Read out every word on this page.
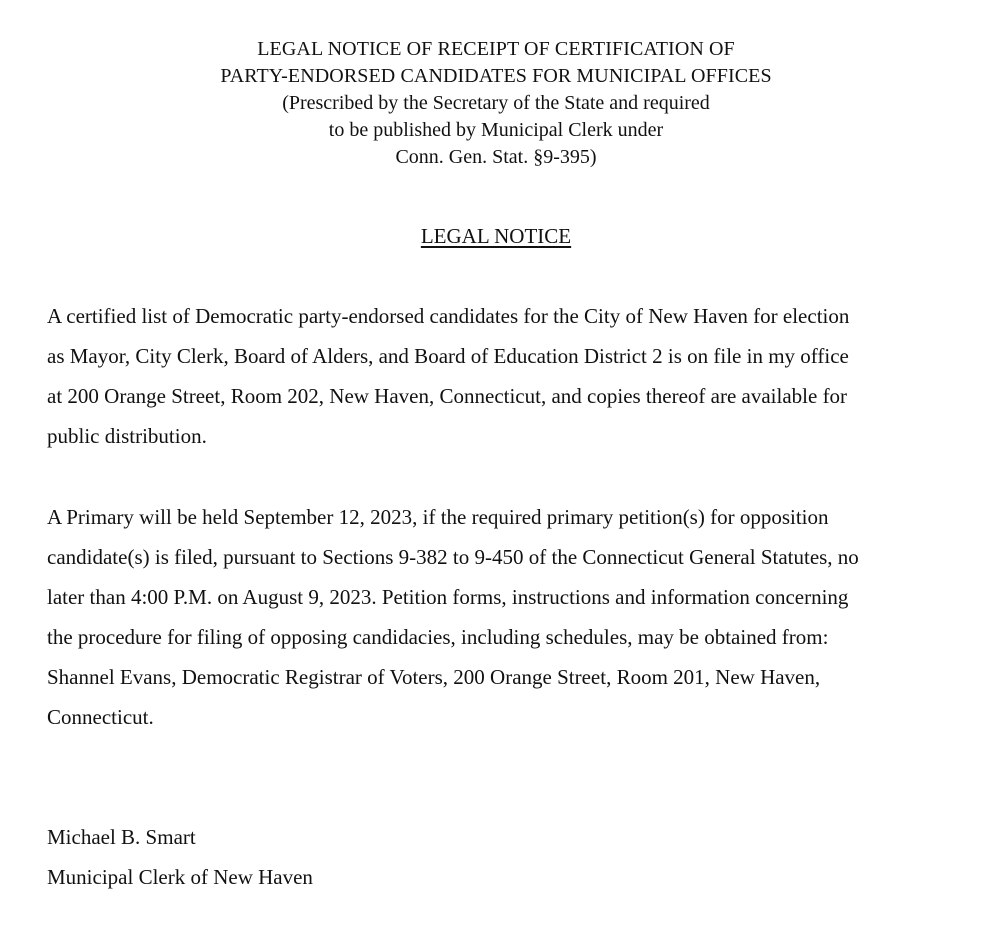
LEGAL NOTICE OF RECEIPT OF CERTIFICATION OF
PARTY-ENDORSED CANDIDATES FOR MUNICIPAL OFFICES
(Prescribed by the Secretary of the State and required
to be published by Municipal Clerk under
Conn. Gen. Stat. §9-395)
LEGAL NOTICE

A certified list of Democratic party-endorsed candidates for the City of New Haven for election
as Mayor, City Clerk, Board of Alders, and Board of Education District 2 is on file in my office
at 200 Orange Street, Room 202, New Haven, Connecticut, and copies thereof are available for
public distribution.

A Primary will be held September 12, 2023, if the required primary petition(s) for opposition
candidate(s) is filed, pursuant to Sections 9-382 to 9-450 of the Connecticut General Statutes, no
later than 4:00 P.M. on August 9, 2023. Petition forms, instructions and information concerning
the procedure for filing of opposing candidacies, including schedules, may be obtained from:
Shannel Evans, Democratic Registrar of Voters, 200 Orange Street, Room 201, New Haven,
Connecticut.

Michael B. Smart
Municipal Clerk of New Haven
